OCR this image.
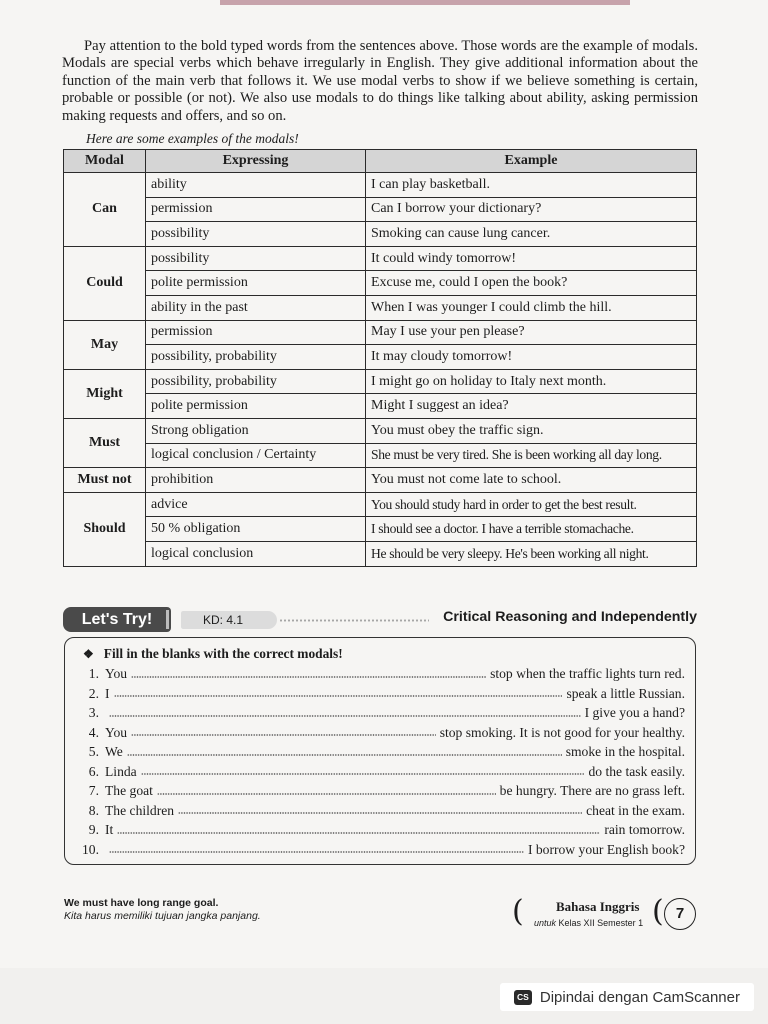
Pay attention to the bold typed words from the sentences above. Those words are the example of modals. Modals are special verbs which behave irregularly in English. They give additional information about the function of the main verb that follows it. We use modal verbs to show if we believe something is certain, probable or possible (or not). We also use modals to do things like talking about ability, asking permission making requests and offers, and so on.

Here are some examples of the modals!
Modal	Expressing	Example
Can	ability	I can play basketball.
	permission	Can I borrow your dictionary?
	possibility	Smoking can cause lung cancer.
Could	possibility	It could windy tomorrow!
	polite permission	Excuse me, could I open the book?
	ability in the past	When I was younger I could climb the hill.
May	permission	May I use your pen please?
	possibility, probability	It may cloudy tomorrow!
Might	possibility, probability	I might go on holiday to Italy next month.
	polite permission	Might I suggest an idea?
Must	Strong obligation	You must obey the traffic sign.
	logical conclusion / Certainty	She must be very tired. She is been working all day long.
Must not	prohibition	You must not come late to school.
Should	advice	You should study hard in order to get the best result.
	50 % obligation	I should see a doctor. I have a terrible stomachache.
	logical conclusion	He should be very sleepy. He's been working all night.
Let's Try!	KD: 4.1	Critical Reasoning and Independently
❖ Fill in the blanks with the correct modals!
1. You	stop when the traffic lights turn red.
2. I	speak a little Russian.
3.	I give you a hand?
4. You	stop smoking. It is not good for your healthy.
5. We	smoke in the hospital.
6. Linda	do the task easily.
7. The goat	be hungry. There are no grass left.
8. The children	cheat in the exam.
9. It	rain tomorrow.
10.	I borrow your English book?
We must have long range goal.
Kita harus memiliki tujuan jangka panjang.	( Bahasa Inggris
untuk Kelas XII Semester 1 ( 7
CS Dipindai dengan CamScanner
